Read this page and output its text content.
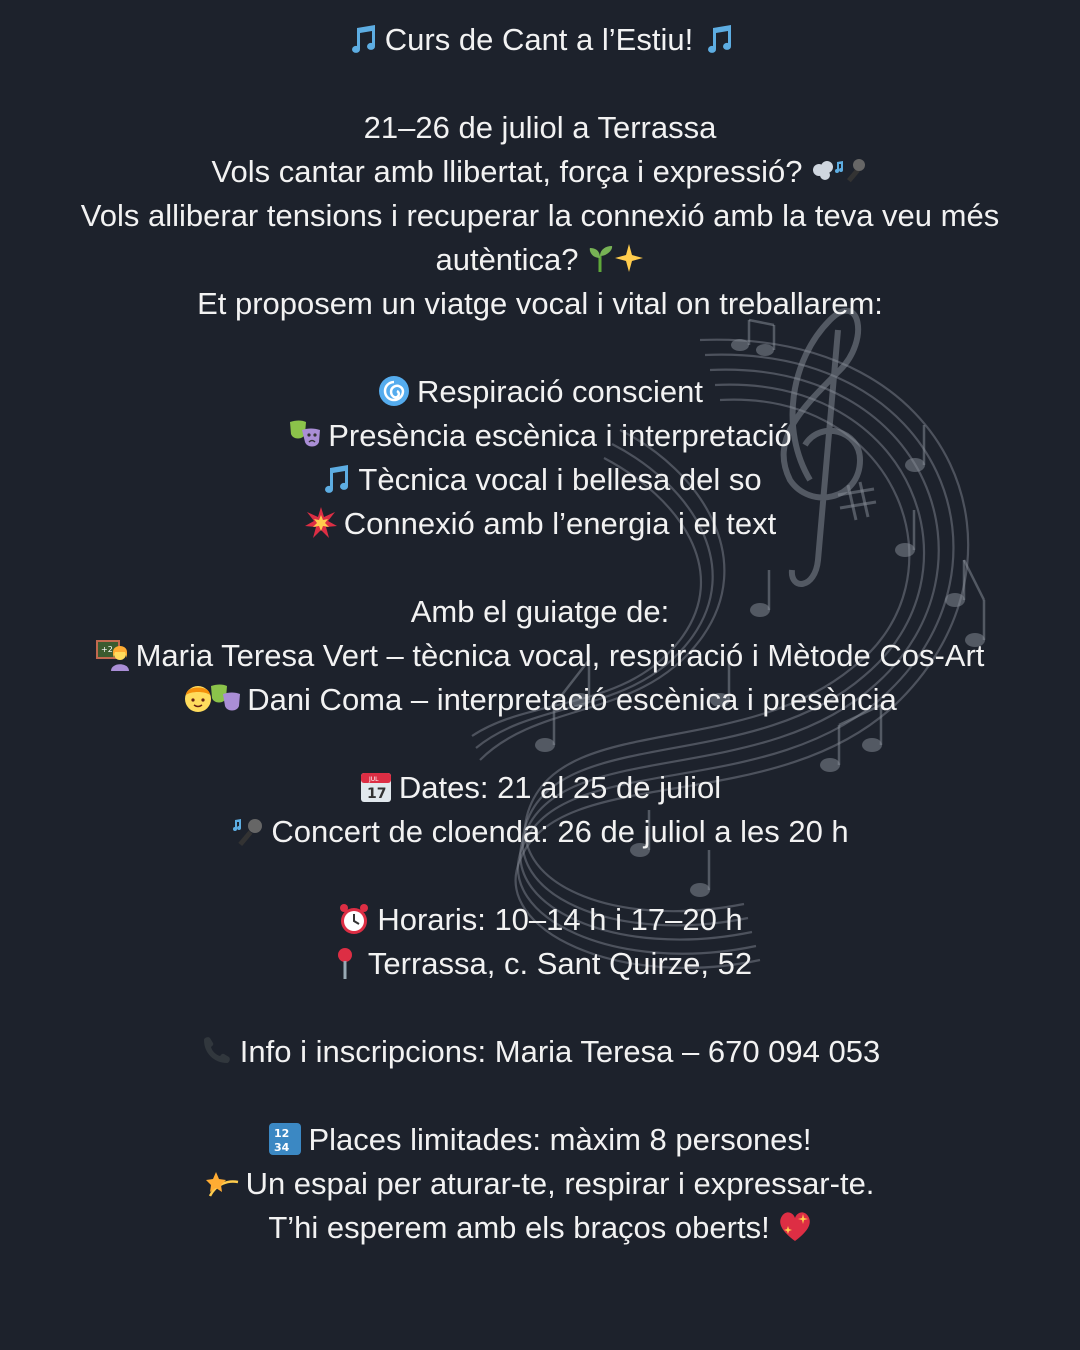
Curs de Cant a l’Estiu!
21–26 de juliol a Terrassa
Vols cantar amb llibertat, força i expressió?
Vols alliberar tensions i recuperar la connexió amb la teva veu més autèntica?
Et proposem un viatge vocal i vital on treballarem:
Respiració conscient
Presència escènica i interpretació
Tècnica vocal i bellesa del so
Connexió amb l’energia i el text
Amb el guiatge de:
+2 Maria Teresa Vert – tècnica vocal, respiració i Mètode Cos-Art
Dani Coma – interpretació escènica i presència
JUL
17 Dates: 21 al 25 de juliol
Concert de cloenda: 26 de juliol a les 20 h
Horaris: 10–14 h i 17–20 h
Terrassa, c. Sant Quirze, 52
Info i inscripcions: Maria Teresa – 670 094 053
12
34 Places limitades: màxim 8 persones!
Un espai per aturar-te, respirar i expressar-te.
T’hi esperem amb els braços oberts!
